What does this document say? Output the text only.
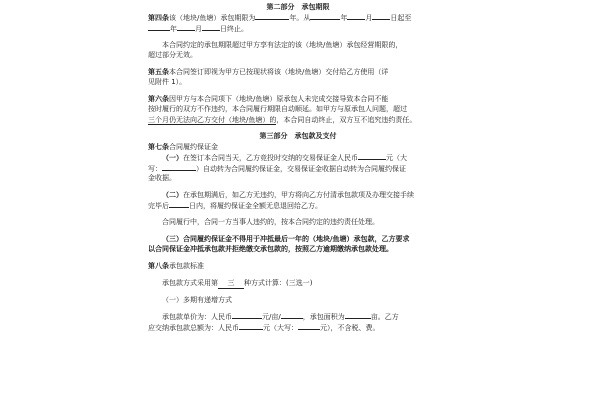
第二部分　承包期限

第四条该（地块/鱼塘）承包期限为	年。从	年	月	日起至

年	月	日终止。

本合同约定的承包期限超过甲方享有法定的该（地块/鱼塘）承包经营期限的，

超过部分无效。

第五条本合同签订即视为甲方已按现状将该（地块/鱼塘）交付给乙方使用（详

见附件 1）。

第六条因甲方与本合同项下（地块/鱼塘）原承包人未完成交接导致本合同不能

按时履行的双方不作违约，本合同履行期限自动顺延。如甲方与原承包人问题，超过

三个月仍无法向乙方交付（地块/鱼塘）的，本合同自动终止，双方互不追究违约责任。

第三部分　承包款及支付

第七条合同履约保证金

（一）在签订本合同当天，乙方竞投时交纳的交易保证金人民币	元（大

写：	）自动转为合同履约保证金，交易保证金收据自动转为合同履约保证

金收据。

（二）在承包期满后，如乙方无违约，甲方将向乙方付清承包款项及办理交接手续

完毕后	日内，将履约保证金全额无息退回给乙方。

合同履行中，合同一方当事人违约的，按本合同约定的违约责任处理。

（三）合同履约保证金不得用于冲抵最后一年的（地块/鱼塘）承包款，乙方要求

以合同保证金冲抵承包款并拒绝缴交承包款的，按照乙方逾期缴纳承包款处理。

第八条承包款标准

承包款方式采用第 三 种方式计算：(三选一)

（一）多期有递增方式

承包款单价为：人民币	元/亩/	，承包面积为	亩。乙方

应交纳承包款总额为：人民币	元（大写：	元），不含税、费。
